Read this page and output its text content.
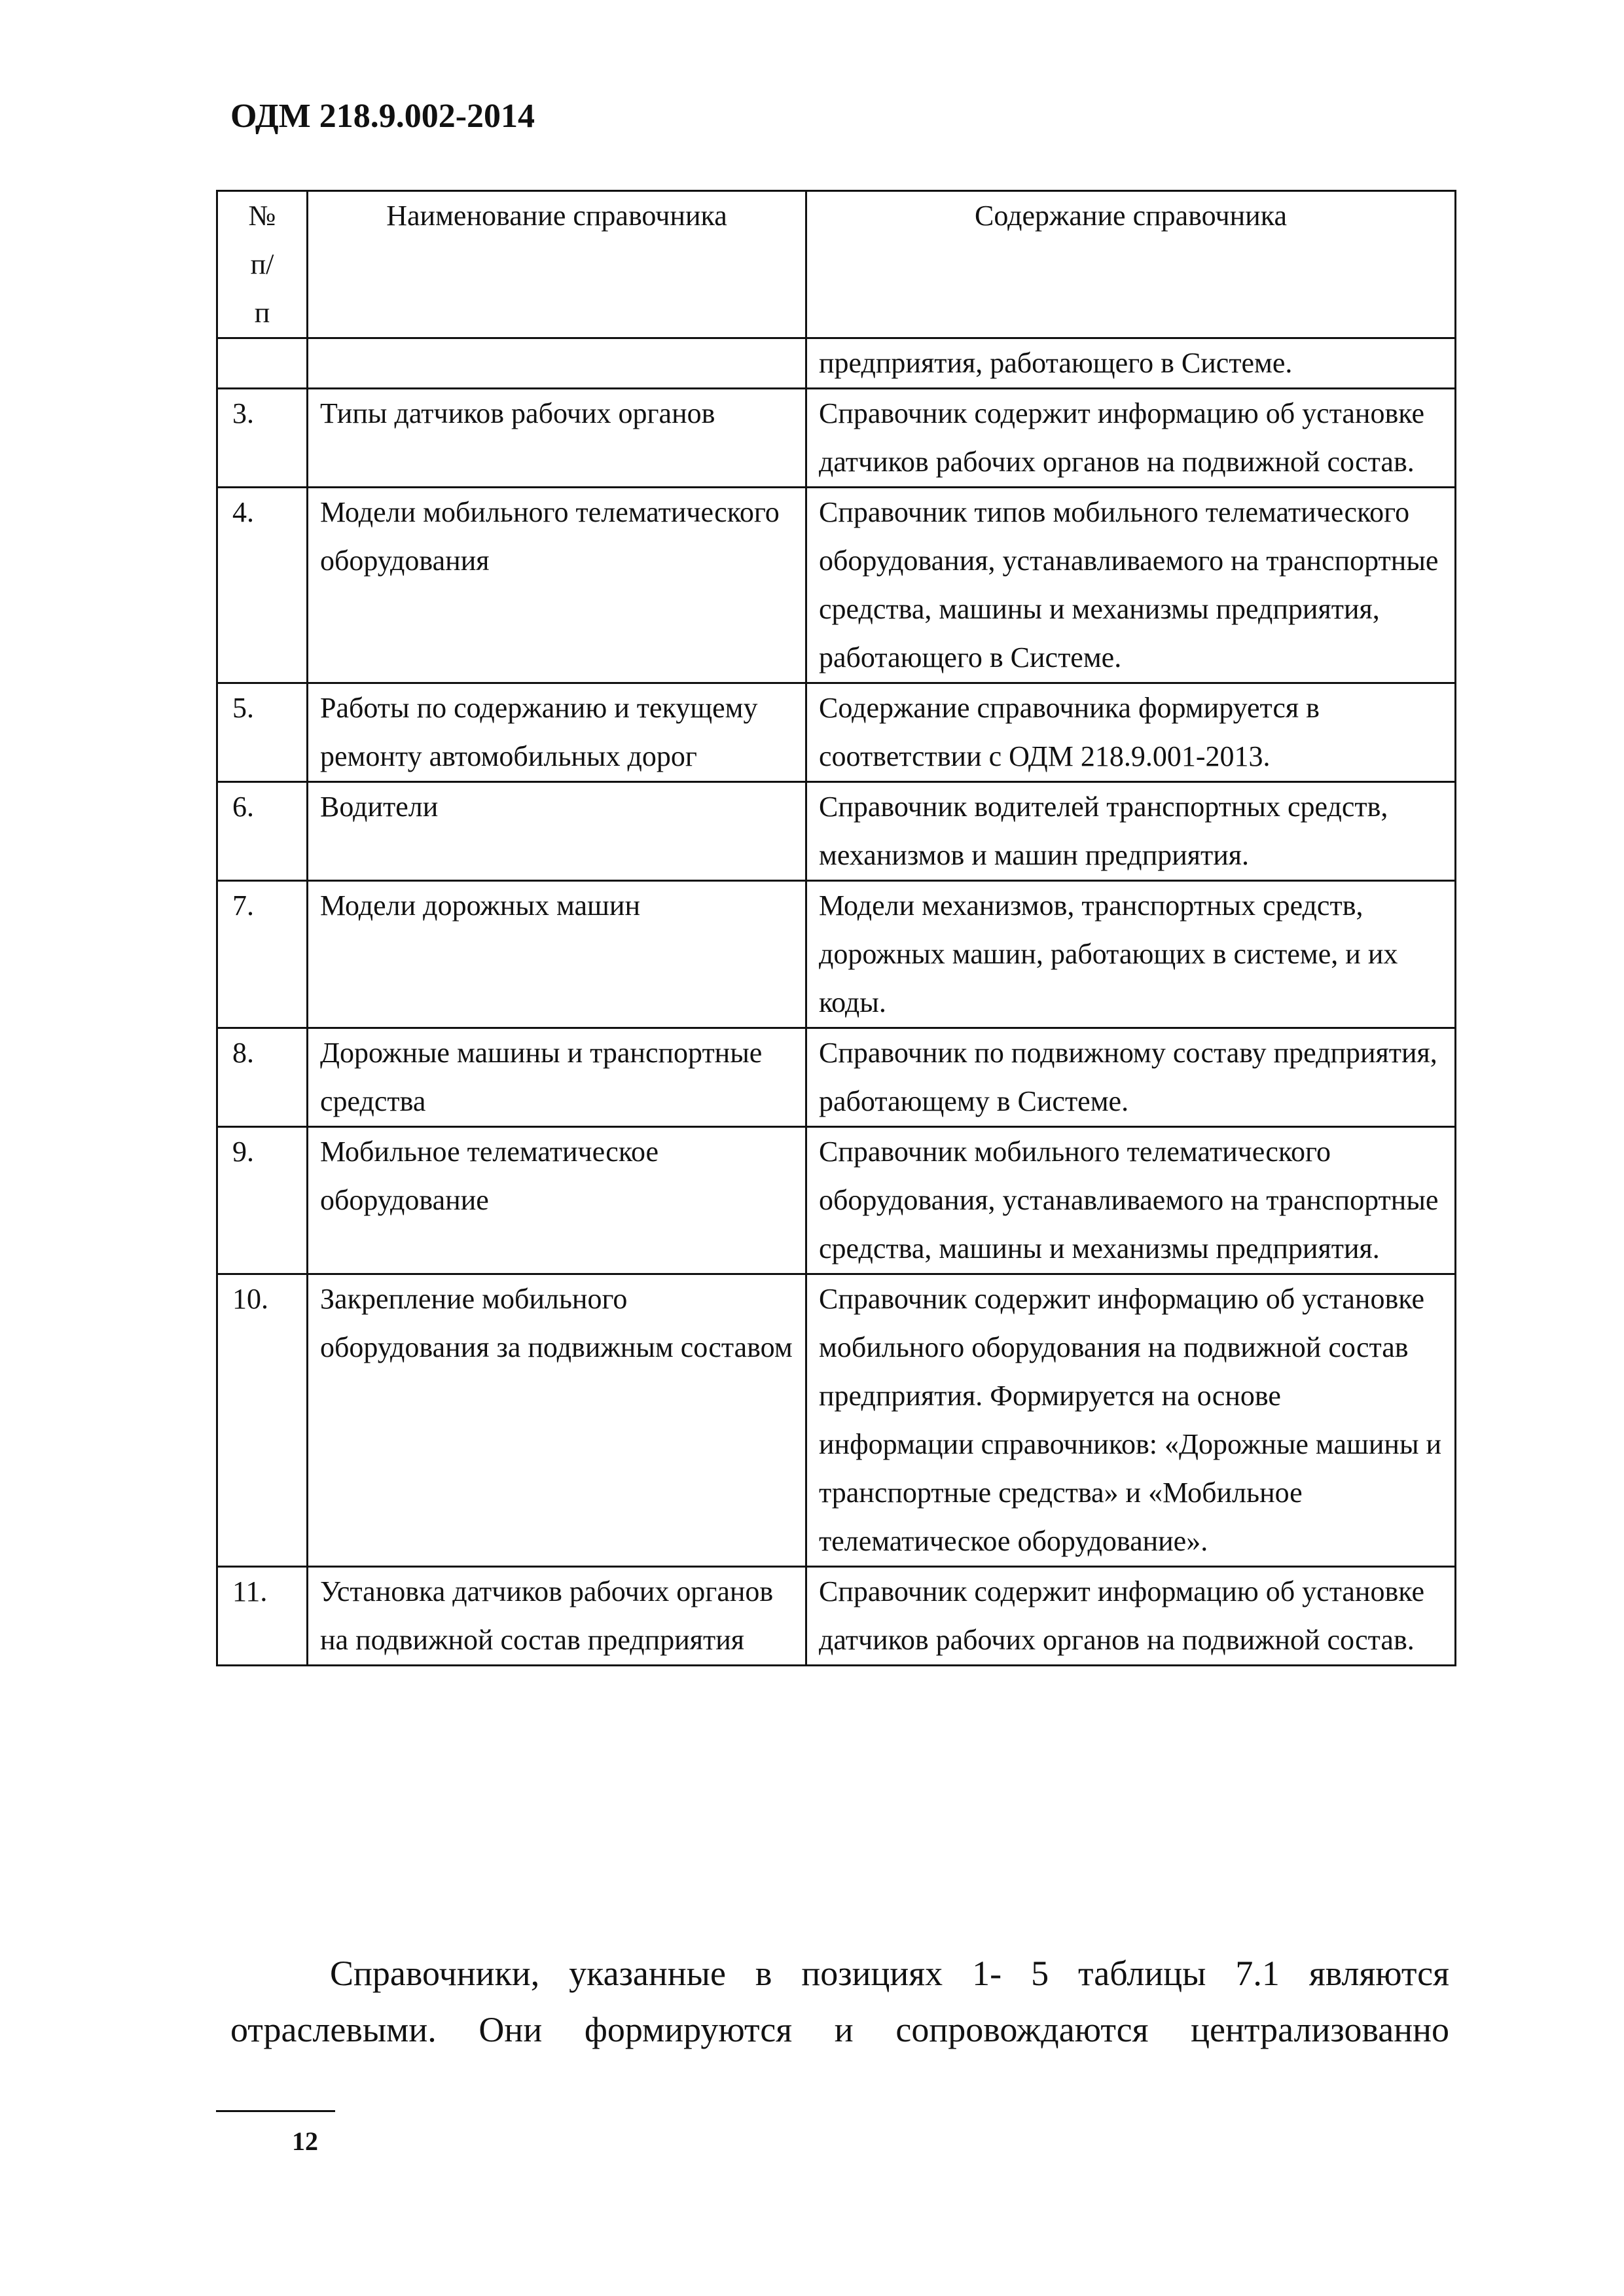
ОДМ 218.9.002-2014
№ п/п	Наименование справочника	Содержание справочника
		предприятия, работающего в Системе.
3.	Типы датчиков рабочих органов	Справочник содержит информацию об установке датчиков рабочих органов на подвижной состав.
4.	Модели мобильного телематического оборудования	Справочник типов мобильного телематического оборудования, устанавливаемого на транспортные средства, машины и механизмы предприятия, работающего в Системе.
5.	Работы по содержанию и текущему ремонту автомобильных дорог	Содержание справочника формируется в соответствии с ОДМ 218.9.001-2013.
6.	Водители	Справочник водителей транспортных средств, механизмов и машин предприятия.
7.	Модели дорожных машин	Модели механизмов, транспортных средств, дорожных машин, работающих в системе, и их коды.
8.	Дорожные машины и транспортные средства	Справочник по подвижному составу предприятия, работающему в Системе.
9.	Мобильное телематическое оборудование	Справочник мобильного телематического оборудования, устанавливаемого на транспортные средства, машины и механизмы предприятия.
10.	Закрепление мобильного оборудования за подвижным составом	Справочник содержит информацию об установке мобильного оборудования на подвижной состав предприятия. Формируется на основе информации справочников: «Дорожные машины и транспортные средства» и «Мобильное телематическое оборудование».
11.	Установка датчиков рабочих органов на подвижной состав предприятия	Справочник содержит информацию об установке датчиков рабочих органов на подвижной состав.
Справочники, указанные в позициях 1- 5 таблицы 7.1 являются
отраслевыми. Они формируются и сопровождаются централизованно
12
